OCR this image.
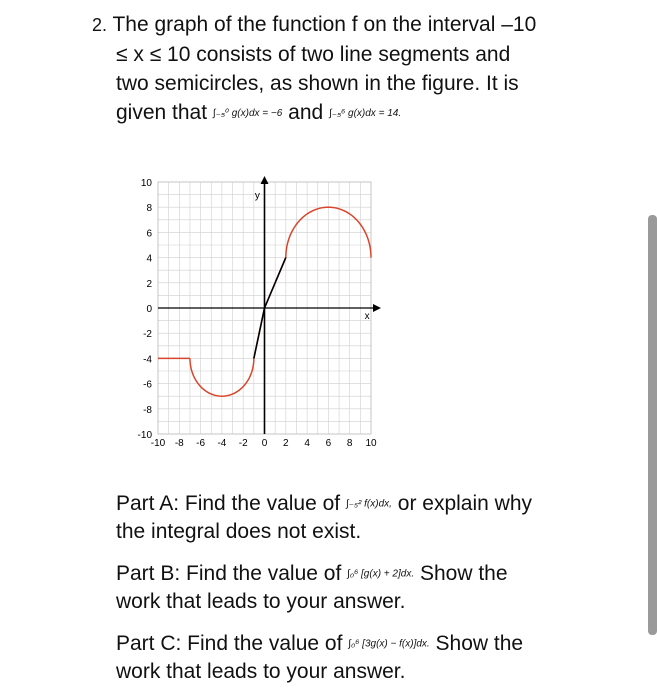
2. The graph of the function f on the interval –10
≤ x ≤ 10 consists of two line segments and
two semicircles, as shown in the figure. It is
given that ∫₋₅⁰ g(x)dx = −6 and ∫₋₅⁶ g(x)dx = 14.
x
y
-10 -8 -6 -4 -2 0 2 4 6 8 10
10
8
6
4
2
0
-2
-4
-6
-8
-10
Part A: Find the value of ∫₋₅² f(x)dx, or explain why
the integral does not exist.
Part B: Find the value of ∫₀⁶ [g(x) + 2]dx. Show the
work that leads to your answer.
Part C: Find the value of ∫₀⁶ [3g(x) − f(x)]dx. Show the
work that leads to your answer.
